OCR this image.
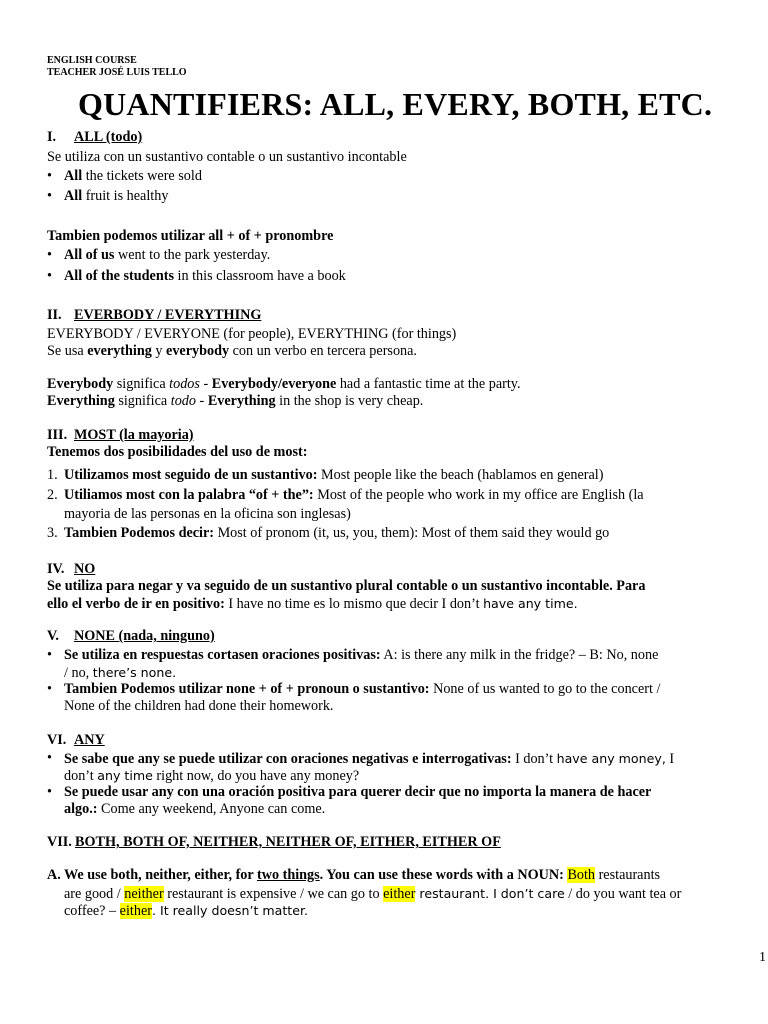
ENGLISH COURSE
TEACHER JOSÉ LUIS TELLO
QUANTIFIERS: ALL, EVERY, BOTH, ETC.
I. ALL (todo)
Se utiliza con un sustantivo contable o un sustantivo incontable
• All the tickets were sold
• All fruit is healthy
Tambien podemos utilizar all + of + pronombre
• All of us went to the park yesterday.
• All of the students in this classroom have a book
II. EVERBODY / EVERYTHING
EVERYBODY / EVERYONE (for people), EVERYTHING (for things)
Se usa everything y everybody con un verbo en tercera persona.
Everybody significa todos - Everybody/everyone had a fantastic time at the party.
Everything significa todo - Everything in the shop is very cheap.
III. MOST (la mayoria)
Tenemos dos posibilidades del uso de most:
1. Utilizamos most seguido de un sustantivo: Most people like the beach (hablamos en general)
2. Utiliamos most con la palabra “of + the”: Most of the people who work in my office are English (la
mayoria de las personas en la oficina son inglesas)
3. Tambien Podemos decir: Most of pronom (it, us, you, them): Most of them said they would go
IV. NO
Se utiliza para negar y va seguido de un sustantivo plural contable o un sustantivo incontable. Para
ello el verbo de ir en positivo: I have no time es lo mismo que decir I don’t have any time.
V. NONE (nada, ninguno)
• Se utiliza en respuestas cortasen oraciones positivas: A: is there any milk in the fridge? – B: No, none
/ no, there’s none.
• Tambien Podemos utilizar none + of + pronoun o sustantivo: None of us wanted to go to the concert /
None of the children had done their homework.
VI. ANY
• Se sabe que any se puede utilizar con oraciones negativas e interrogativas: I don’t have any money, I
don’t any time right now, do you have any money?
• Se puede usar any con una oración positiva para querer decir que no importa la manera de hacer
algo.: Come any weekend, Anyone can come.
VII. BOTH, BOTH OF, NEITHER, NEITHER OF, EITHER, EITHER OF
A. We use both, neither, either, for two things. You can use these words with a NOUN: Both restaurants
are good / neither restaurant is expensive / we can go to either restaurant. I don’t care / do you want tea or
coffee? – either. It really doesn’t matter.
1
